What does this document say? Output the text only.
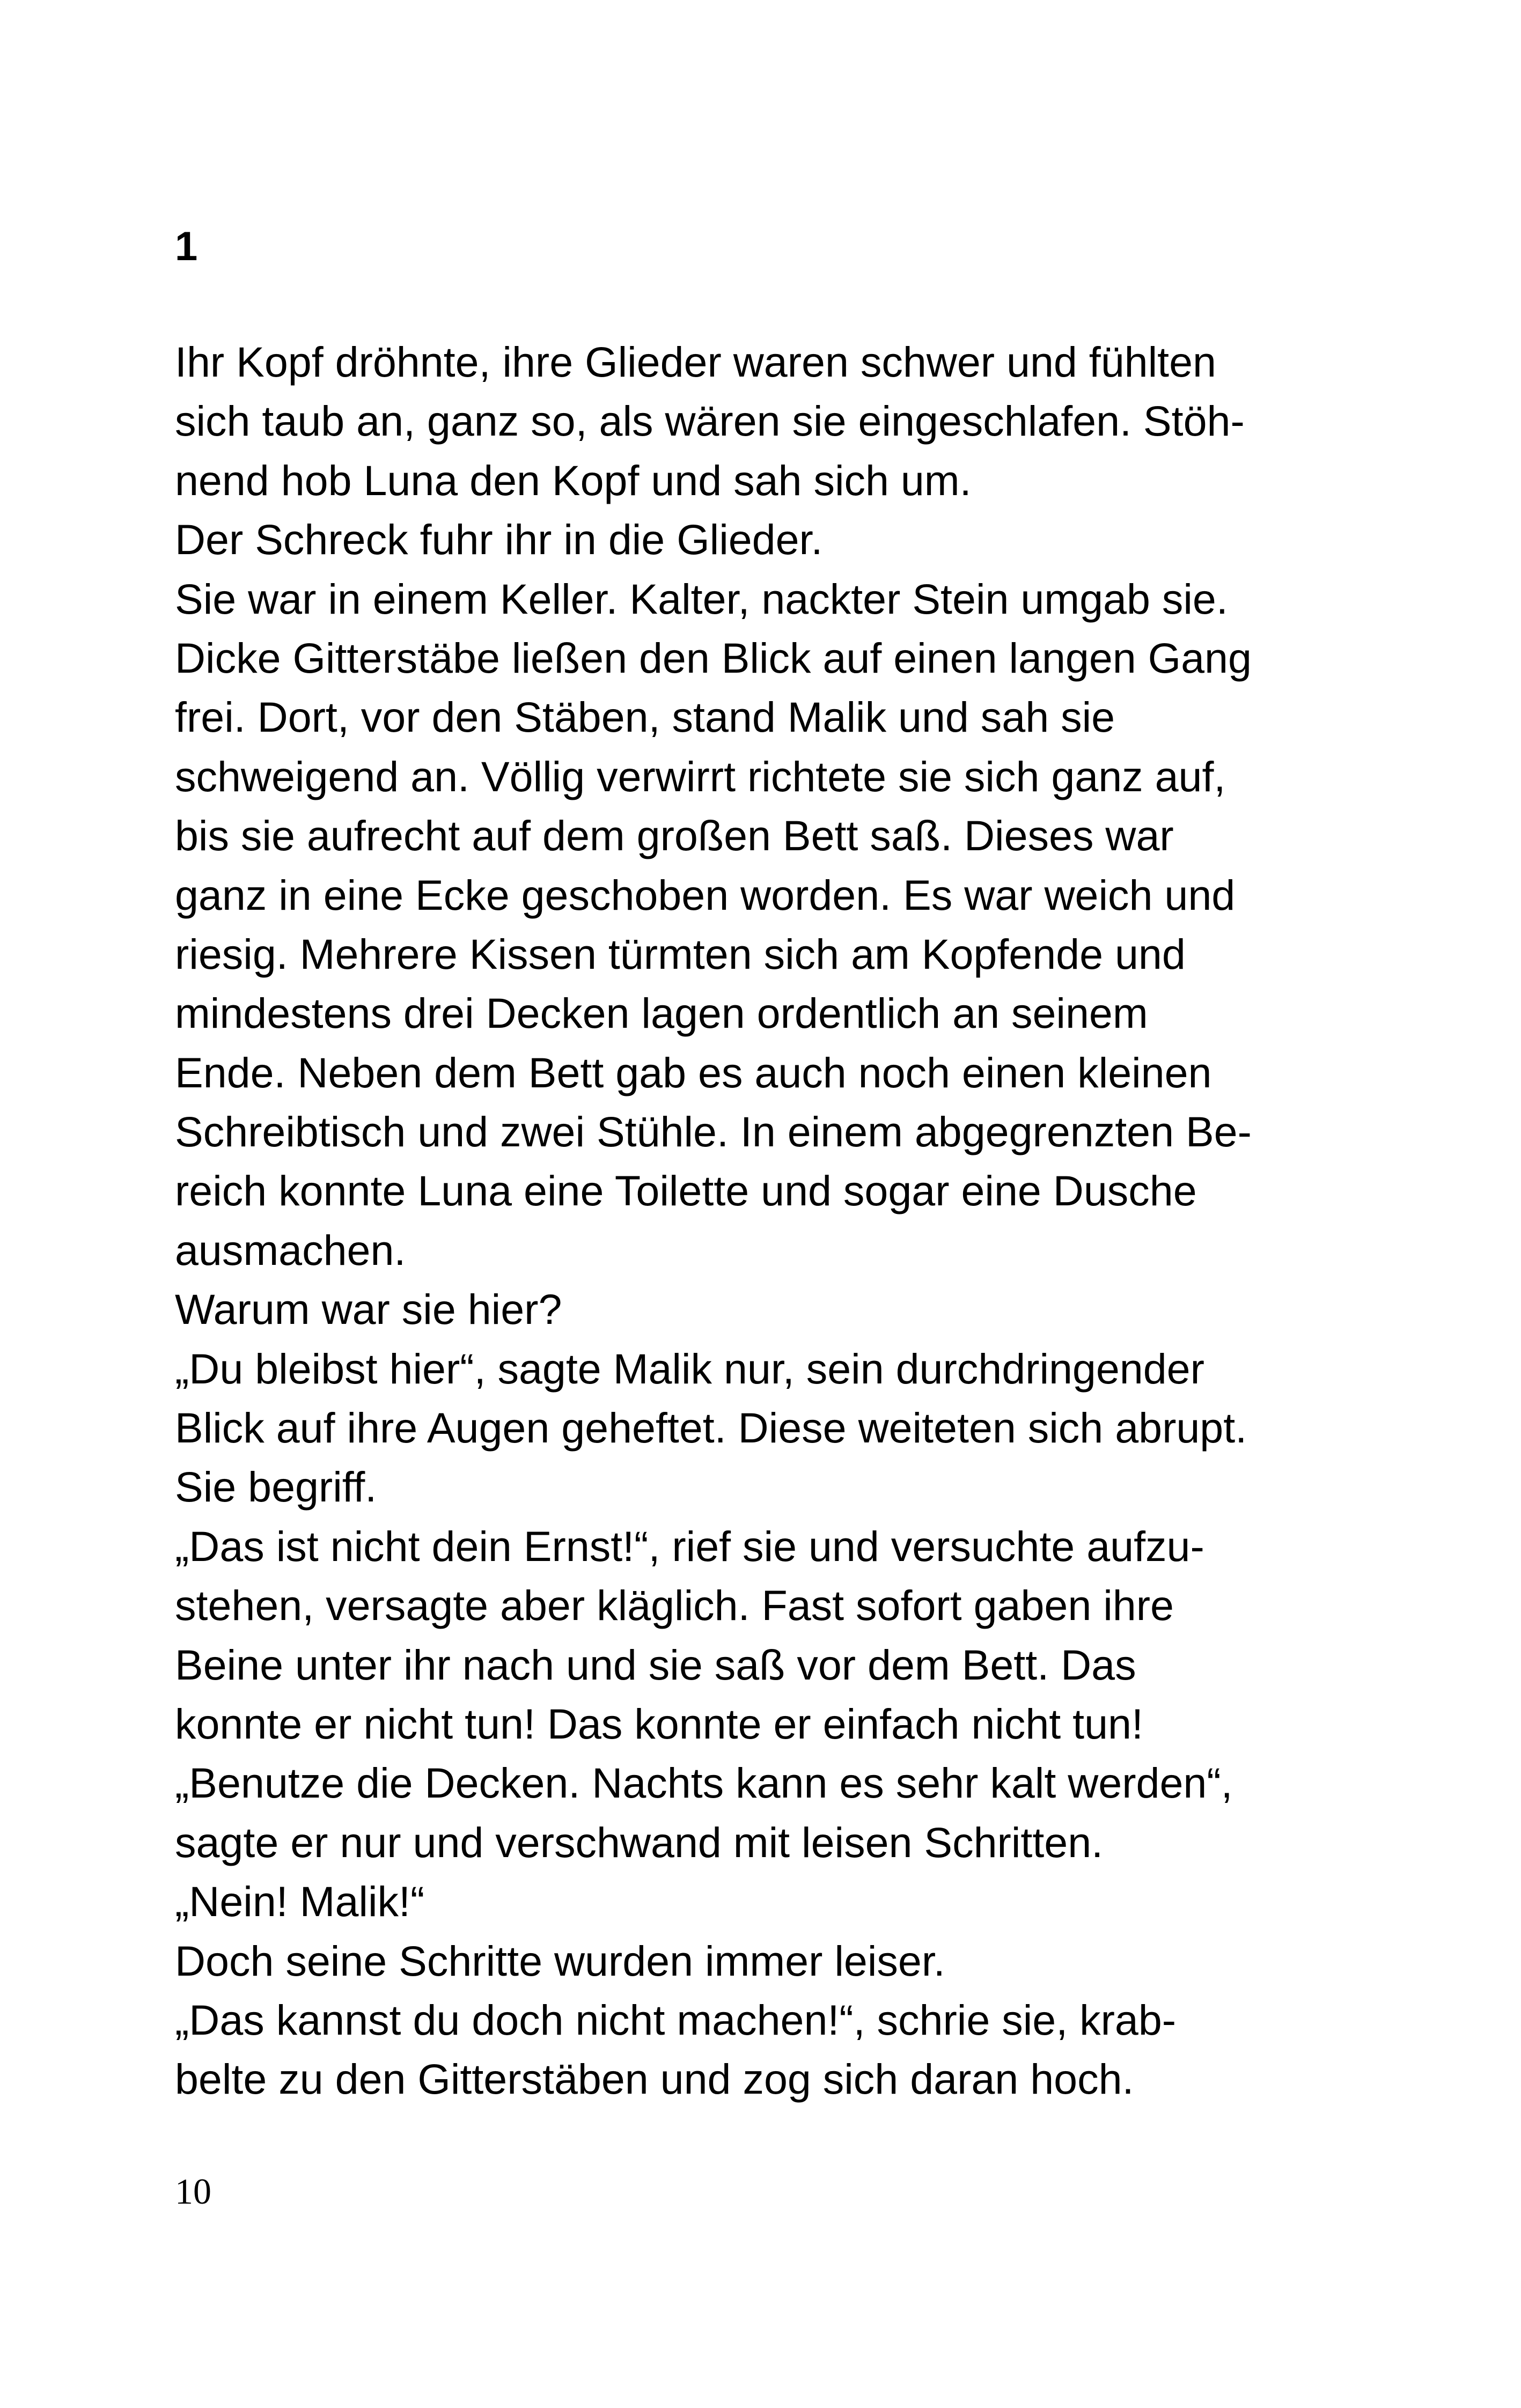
1

Ihr Kopf dröhnte, ihre Glieder waren schwer und fühlten

sich taub an, ganz so, als wären sie eingeschlafen. Stöh-

nend hob Luna den Kopf und sah sich um.

Der Schreck fuhr ihr in die Glieder.

Sie war in einem Keller. Kalter, nackter Stein umgab sie.

Dicke Gitterstäbe ließen den Blick auf einen langen Gang

frei. Dort, vor den Stäben, stand Malik und sah sie

schweigend an. Völlig verwirrt richtete sie sich ganz auf,

bis sie aufrecht auf dem großen Bett saß. Dieses war

ganz in eine Ecke geschoben worden. Es war weich und

riesig. Mehrere Kissen türmten sich am Kopfende und

mindestens drei Decken lagen ordentlich an seinem

Ende. Neben dem Bett gab es auch noch einen kleinen

Schreibtisch und zwei Stühle. In einem abgegrenzten Be-

reich konnte Luna eine Toilette und sogar eine Dusche

ausmachen.

Warum war sie hier?

„Du bleibst hier“, sagte Malik nur, sein durchdringender

Blick auf ihre Augen geheftet. Diese weiteten sich abrupt.

Sie begriff.

„Das ist nicht dein Ernst!“, rief sie und versuchte aufzu-

stehen, versagte aber kläglich. Fast sofort gaben ihre

Beine unter ihr nach und sie saß vor dem Bett. Das

konnte er nicht tun! Das konnte er einfach nicht tun!

„Benutze die Decken. Nachts kann es sehr kalt werden“,

sagte er nur und verschwand mit leisen Schritten.

„Nein! Malik!“

Doch seine Schritte wurden immer leiser.

„Das kannst du doch nicht machen!“, schrie sie, krab-

belte zu den Gitterstäben und zog sich daran hoch.

10
